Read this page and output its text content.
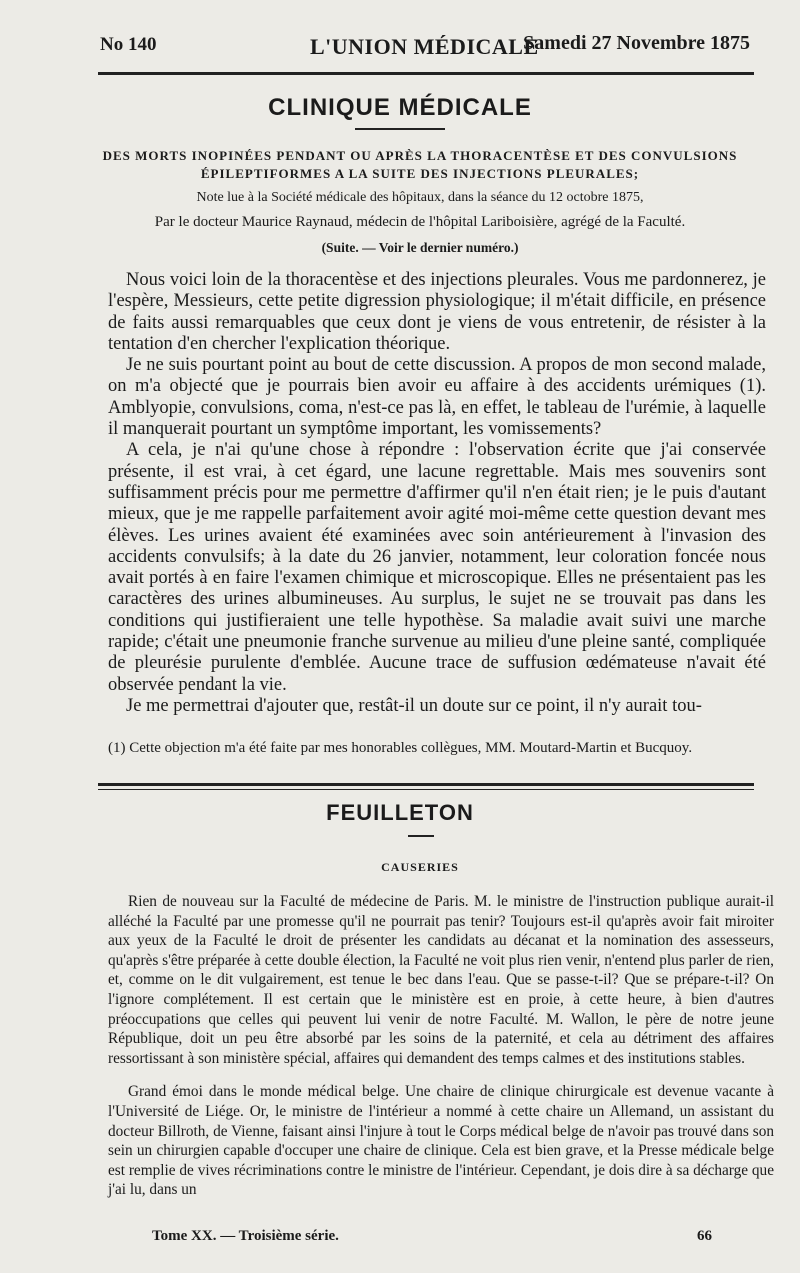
No 140	L'UNION MÉDICALE
Samedi 27 Novembre 1875
CLINIQUE MÉDICALE
DES MORTS INOPINÉES PENDANT OU APRÈS LA THORACENTÈSE ET DES CONVULSIONS
ÉPILEPTIFORMES A LA SUITE DES INJECTIONS PLEURALES;
Note lue à la Société médicale des hôpitaux, dans la séance du 12 octobre 1875,
Par le docteur Maurice Raynaud, médecin de l'hôpital Lariboisière, agrégé de la Faculté.
(Suite. — Voir le dernier numéro.)

Nous voici loin de la thoracentèse et des injections pleurales. Vous me pardonnerez, je l'espère, Messieurs, cette petite digression physiologique; il m'était difficile, en présence de faits aussi remarquables que ceux dont je viens de vous entretenir, de résister à la tentation d'en chercher l'explication théorique.

Je ne suis pourtant point au bout de cette discussion. A propos de mon second malade, on m'a objecté que je pourrais bien avoir eu affaire à des accidents urémiques (1). Amblyopie, convulsions, coma, n'est-ce pas là, en effet, le tableau de l'urémie, à laquelle il manquerait pourtant un symptôme important, les vomissements?

A cela, je n'ai qu'une chose à répondre : l'observation écrite que j'ai conservée présente, il est vrai, à cet égard, une lacune regrettable. Mais mes souvenirs sont suffisamment précis pour me permettre d'affirmer qu'il n'en était rien; je le puis d'autant mieux, que je me rappelle parfaitement avoir agité moi-même cette question devant mes élèves. Les urines avaient été examinées avec soin antérieurement à l'invasion des accidents convulsifs; à la date du 26 janvier, notamment, leur coloration foncée nous avait portés à en faire l'examen chimique et microscopique. Elles ne présentaient pas les caractères des urines albumineuses. Au surplus, le sujet ne se trouvait pas dans les conditions qui justifieraient une telle hypothèse. Sa maladie avait suivi une marche rapide; c'était une pneumonie franche survenue au milieu d'une pleine santé, compliquée de pleurésie purulente d'emblée. Aucune trace de suffusion œdémateuse n'avait été observée pendant la vie.

Je me permettrai d'ajouter que, restât-il un doute sur ce point, il n'y aurait tou-

(1) Cette objection m'a été faite par mes honorables collègues, MM. Moutard-Martin et Bucquoy.
FEUILLETON
CAUSERIES

Rien de nouveau sur la Faculté de médecine de Paris. M. le ministre de l'instruction publique aurait-il alléché la Faculté par une promesse qu'il ne pourrait pas tenir? Toujours est-il qu'après avoir fait miroiter aux yeux de la Faculté le droit de présenter les candidats au décanat et la nomination des assesseurs, qu'après s'être préparée à cette double élection, la Faculté ne voit plus rien venir, n'entend plus parler de rien, et, comme on le dit vulgairement, est tenue le bec dans l'eau. Que se passe-t-il? Que se prépare-t-il? On l'ignore complétement. Il est certain que le ministère est en proie, à cette heure, à bien d'autres préoccupations que celles qui peuvent lui venir de notre Faculté. M. Wallon, le père de notre jeune République, doit un peu être absorbé par les soins de la paternité, et cela au détriment des affaires ressortissant à son ministère spécial, affaires qui demandent des temps calmes et des institutions stables.

Grand émoi dans le monde médical belge. Une chaire de clinique chirurgicale est devenue vacante à l'Université de Liége. Or, le ministre de l'intérieur a nommé à cette chaire un Allemand, un assistant du docteur Billroth, de Vienne, faisant ainsi l'injure à tout le Corps médical belge de n'avoir pas trouvé dans son sein un chirurgien capable d'occuper une chaire de clinique. Cela est bien grave, et la Presse médicale belge est remplie de vives récriminations contre le ministre de l'intérieur. Cependant, je dois dire à sa décharge que j'ai lu, dans un

Tome XX. — Troisième série.	66
